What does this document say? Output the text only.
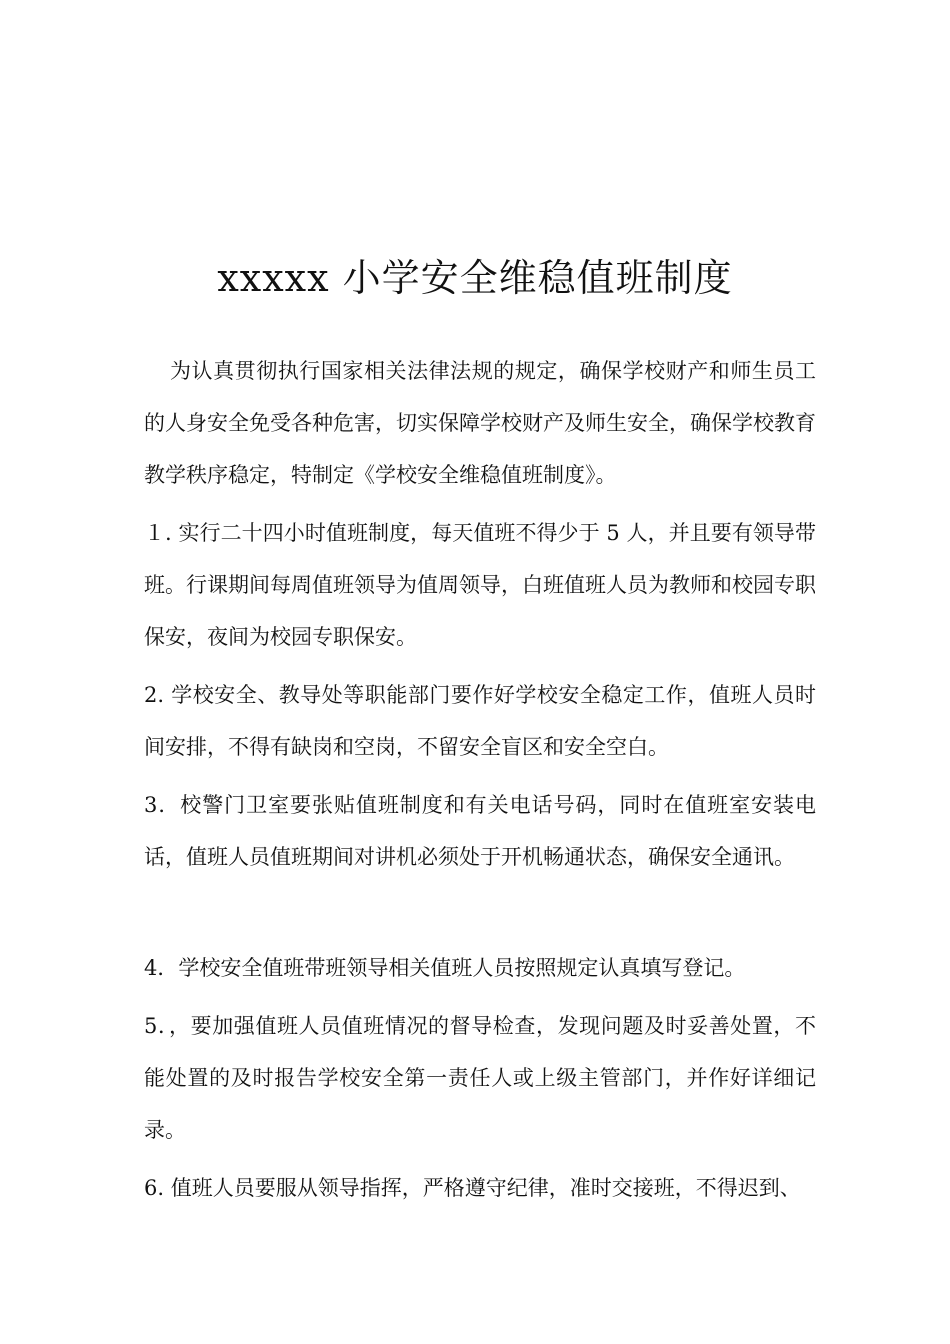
xxxxx 小学安全维稳值班制度

为认真贯彻执行国家相关法律法规的规定，确保学校财产和师生员工的人身安全免受各种危害，切实保障学校财产及师生安全，确保学校教育教学秩序稳定，特制定《学校安全维稳值班制度》。

１. 实行二十四小时值班制度，每天值班不得少于 5 人，并且要有领导带班。行课期间每周值班领导为值周领导，白班值班人员为教师和校园专职保安，夜间为校园专职保安。

2. 学校安全、教导处等职能部门要作好学校安全稳定工作，值班人员时间安排，不得有缺岗和空岗，不留安全盲区和安全空白。

3．校警门卫室要张贴值班制度和有关电话号码，同时在值班室安装电话，值班人员值班期间对讲机必须处于开机畅通状态，确保安全通讯。

4．学校安全值班带班领导相关值班人员按照规定认真填写登记。

5．，要加强值班人员值班情况的督导检查，发现问题及时妥善处置，不能处置的及时报告学校安全第一责任人或上级主管部门，并作好详细记录。

6. 值班人员要服从领导指挥，严格遵守纪律，准时交接班，不得迟到、
